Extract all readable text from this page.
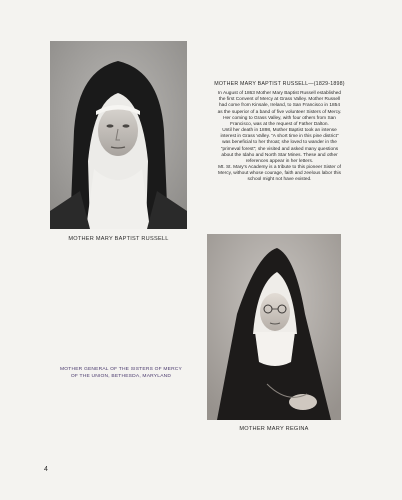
MOTHER MARY BAPTIST RUSSELL
MOTHER MARY BAPTIST RUSSELL—(1829-1898)
In August of 1863 Mother Mary Baptist Russell established
the first Convent of Mercy at Grass Valley. Mother Russell
had come from Kinsale, Ireland, to San Francisco in 1854
as the superior of a band of five volunteer Sisters of Mercy.
Her coming to Grass Valley, with four others from San
Francisco, was at the request of Father Dalton.
Until her death in 1898, Mother Baptist took an intense
interest in Grass Valley. “A short time in this pine district”
was beneficial to her throat; she loved to wander in the
“primeval forest”; she visited and asked many questions
about the Idaho and North Star Mines. These and other
references appear in her letters.
Mt. St. Mary's Academy is a tribute to this pioneer Sister of
Mercy, without whose courage, faith and zeelous labor this
school might not have existed.
MOTHER MARY REGINA
MOTHER GENERAL OF THE SISTERS OF MERCY
OF THE UNION, BETHESDA, MARYLAND
4
